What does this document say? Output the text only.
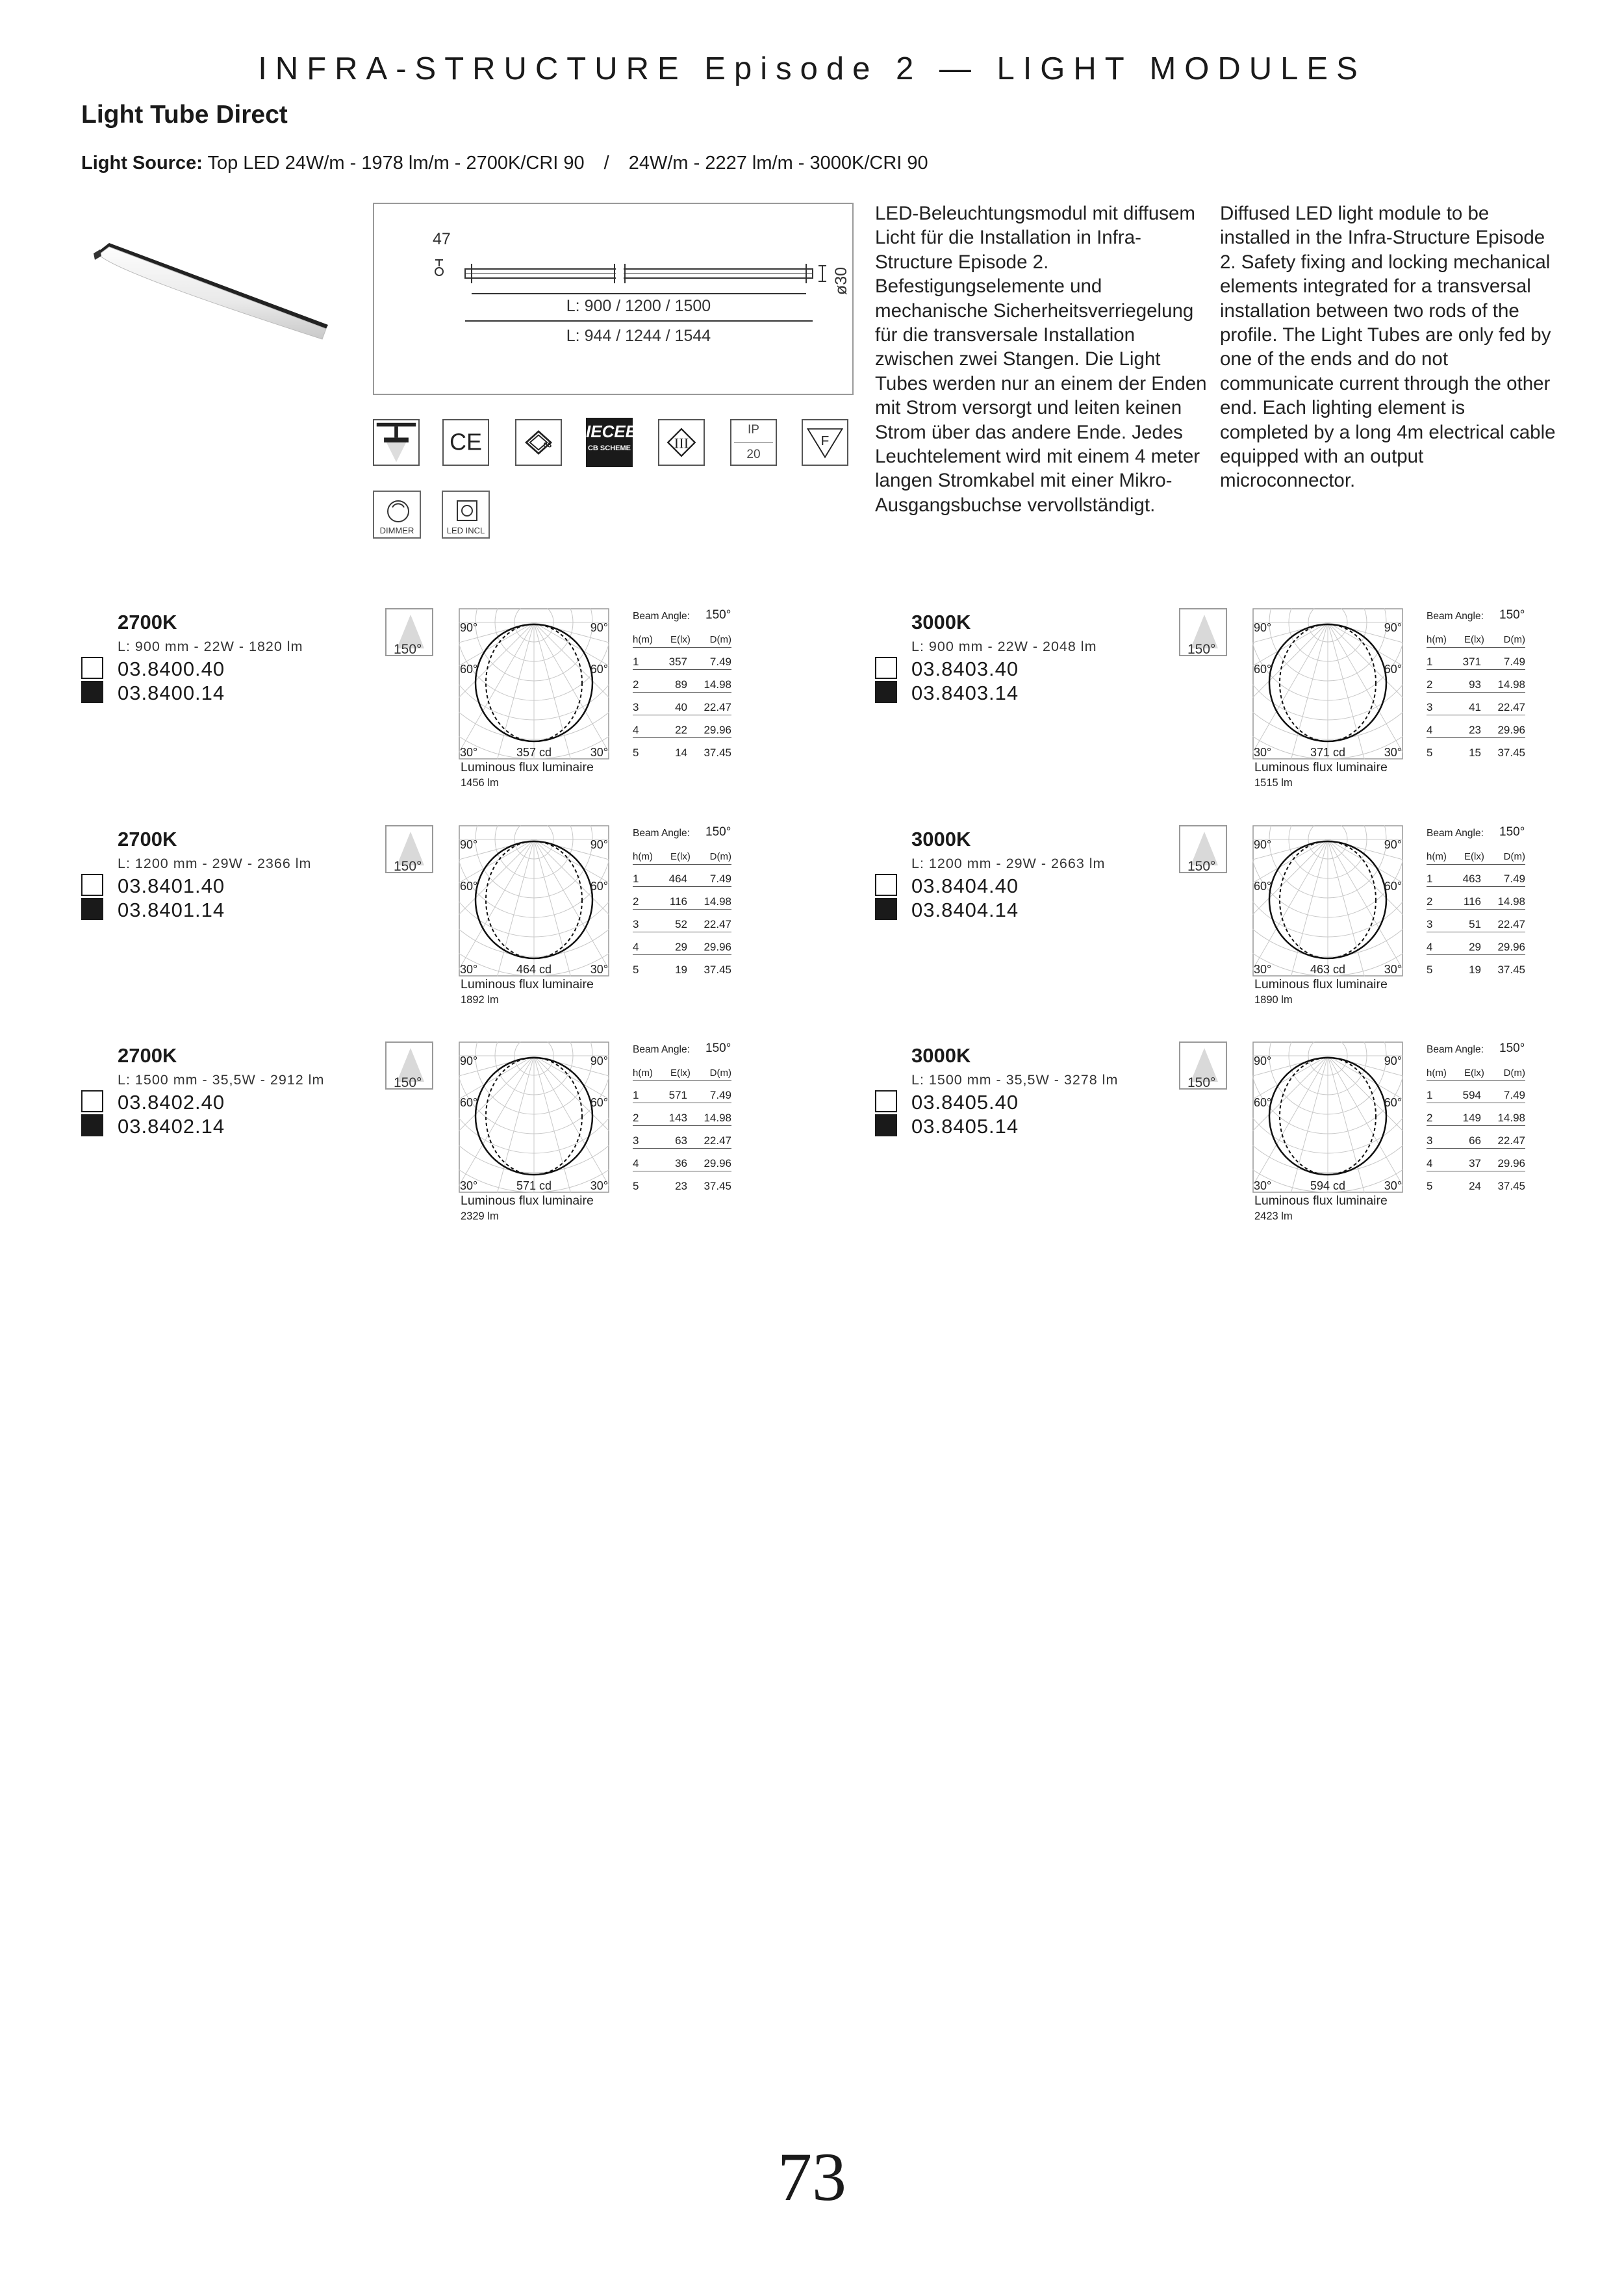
INFRA-STRUCTURE Episode 2 — LIGHT MODULES
Light Tube Direct
Light Source: Top LED 24W/m - 1978 lm/m - 2700K/CRI 90 / 24W/m - 2227 lm/m - 3000K/CRI 90
47
ø30
L: 900 / 1200 / 1500
L: 944 / 1244 / 1544
CE	03
IECEE
CB SCHEME	III
IP
20
F
DIMMER	LED INCL
LED-Beleuchtungsmodul mit diffusem Licht für die Installation in Infra-Structure Episode 2. Befestigungselemente und mechanische Sicherheitsverriegelung für die transversale Installation zwischen zwei Stangen. Die Light Tubes werden nur an einem der Enden mit Strom versorgt und leiten keinen Strom über das andere Ende. Jedes Leuchtelement wird mit einem 4 meter langen Stromkabel mit einer Mikro-Ausgangsbuchse vervollständigt.
Diffused LED light module to be installed in the Infra-Structure Episode 2. Safety fixing and locking mechanical elements integrated for a transversal installation between two rods of the profile. The Light Tubes are only fed by one of the ends and do not communicate current through the other end. Each lighting element is completed by a long 4m electrical cable equipped with an output microconnector.
2700K
L: 900 mm - 22W - 1820 lm
03.8400.40
03.8400.14
150°
90°	90°
60°	60°
30°	30°
357 cd
Luminous flux luminaire
1456 lm
Beam Angle: 150°
h(m) E(lx) D(m)
1	357 7.49
2	89 14.98
3	40 22.47
4	22 29.96
5	14 37.45
3000K
L: 900 mm - 22W - 2048 lm
03.8403.40
03.8403.14
150°
90°	90°
60°	60°
30°	30°
371 cd
Luminous flux luminaire
1515 lm
Beam Angle: 150°
h(m) E(lx) D(m)
1	371 7.49
2	93 14.98
3	41 22.47
4	23 29.96
5	15 37.45
2700K
L: 1200 mm - 29W - 2366 lm
03.8401.40
03.8401.14
150°
90°	90°
60°	60°
30°	30°
464 cd
Luminous flux luminaire
1892 lm
Beam Angle: 150°
h(m) E(lx) D(m)
1	464 7.49
2	116 14.98
3	52 22.47
4	29 29.96
5	19 37.45
3000K
L: 1200 mm - 29W - 2663 lm
03.8404.40
03.8404.14
150°
90°	90°
60°	60°
30°	30°
463 cd
Luminous flux luminaire
1890 lm
Beam Angle: 150°
h(m) E(lx) D(m)
1	463 7.49
2	116 14.98
3	51 22.47
4	29 29.96
5	19 37.45
2700K
L: 1500 mm - 35,5W - 2912 lm
03.8402.40
03.8402.14
150°
90°	90°
60°	60°
30°	30°
571 cd
Luminous flux luminaire
2329 lm
Beam Angle: 150°
h(m) E(lx) D(m)
1	571 7.49
2	143 14.98
3	63 22.47
4	36 29.96
5	23 37.45
3000K
L: 1500 mm - 35,5W - 3278 lm
03.8405.40
03.8405.14
150°
90°	90°
60°	60°
30°	30°
594 cd
Luminous flux luminaire
2423 lm
Beam Angle: 150°
h(m) E(lx) D(m)
1	594 7.49
2	149 14.98
3	66 22.47
4	37 29.96
5	24 37.45
73
